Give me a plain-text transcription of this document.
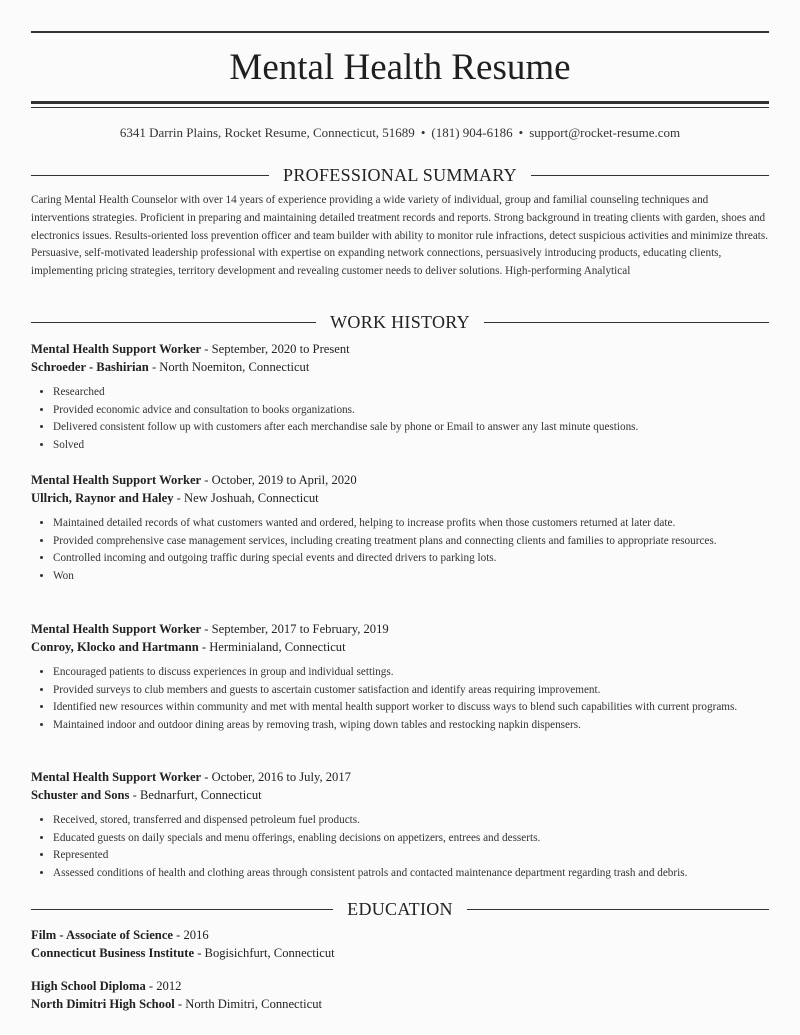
Mental Health Resume
6341 Darrin Plains, Rocket Resume, Connecticut, 51689 • (181) 904-6186 • support@rocket-resume.com
PROFESSIONAL SUMMARY
Caring Mental Health Counselor with over 14 years of experience providing a wide variety of individual, group and familial counseling techniques and interventions strategies. Proficient in preparing and maintaining detailed treatment records and reports. Strong background in treating clients with garden, shoes and electronics issues. Results-oriented loss prevention officer and team builder with ability to monitor rule infractions, detect suspicious activities and minimize threats. Persuasive, self-motivated leadership professional with expertise on expanding network connections, persuasively introducing products, educating clients, implementing pricing strategies, territory development and revealing customer needs to deliver solutions. High-performing Analytical
WORK HISTORY
Mental Health Support Worker - September, 2020 to Present
Schroeder - Bashirian - North Noemiton, Connecticut
• Researched
• Provided economic advice and consultation to books organizations.
• Delivered consistent follow up with customers after each merchandise sale by phone or Email to answer any last minute questions.
• Solved
Mental Health Support Worker - October, 2019 to April, 2020
Ullrich, Raynor and Haley - New Joshuah, Connecticut
• Maintained detailed records of what customers wanted and ordered, helping to increase profits when those customers returned at later date.
• Provided comprehensive case management services, including creating treatment plans and connecting clients and families to appropriate resources.
• Controlled incoming and outgoing traffic during special events and directed drivers to parking lots.
• Won
Mental Health Support Worker - September, 2017 to February, 2019
Conroy, Klocko and Hartmann - Herminialand, Connecticut
• Encouraged patients to discuss experiences in group and individual settings.
• Provided surveys to club members and guests to ascertain customer satisfaction and identify areas requiring improvement.
• Identified new resources within community and met with mental health support worker to discuss ways to blend such capabilities with current programs.
• Maintained indoor and outdoor dining areas by removing trash, wiping down tables and restocking napkin dispensers.
Mental Health Support Worker - October, 2016 to July, 2017
Schuster and Sons - Bednarfurt, Connecticut
• Received, stored, transferred and dispensed petroleum fuel products.
• Educated guests on daily specials and menu offerings, enabling decisions on appetizers, entrees and desserts.
• Represented
• Assessed conditions of health and clothing areas through consistent patrols and contacted maintenance department regarding trash and debris.
EDUCATION
Film - Associate of Science - 2016
Connecticut Business Institute - Bogisichfurt, Connecticut
High School Diploma - 2012
North Dimitri High School - North Dimitri, Connecticut
